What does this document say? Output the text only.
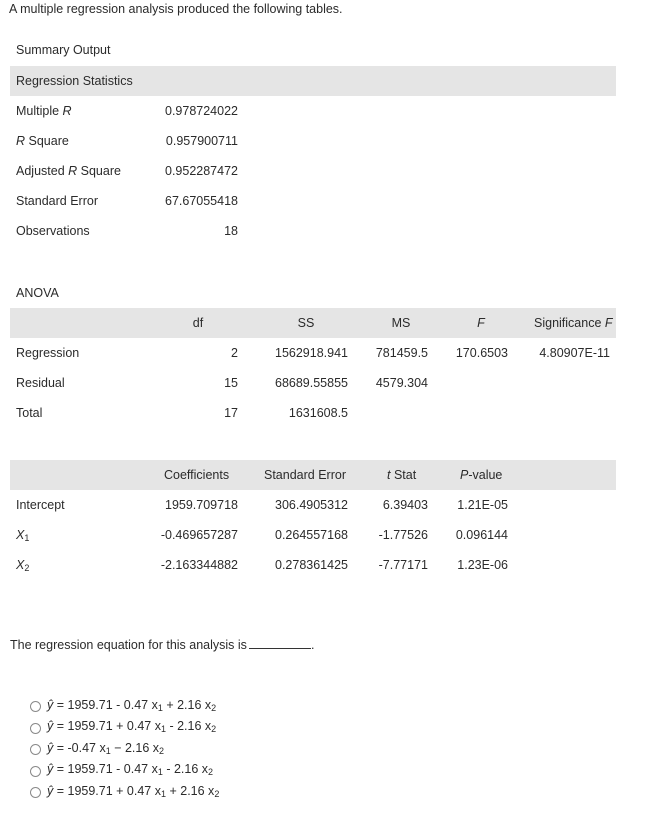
A multiple regression analysis produced the following tables.
Summary Output
Regression Statistics
Multiple R	0.978724022
R Square	0.957900711
Adjusted R Square	0.952287472
Standard Error	67.67055418
Observations	18
ANOVA
df	SS	MS	F	Significance F
Regression	2	1562918.941 781459.5 170.6503	4.80907E-11
Residual	15	68689.55855 4579.304
Total	17	1631608.5
Coefficients	Standard Error	t Stat	P-value
Intercept	1959.709718	306.4905312	6.39403 1.21E-05
$X_1$	-0.469657287	0.264557168 -1.77526 0.096144
$X_2$	-2.163344882	0.278361425 -7.77171 1.23E-06
The regression equation for this analysis is	.
ŷ = 1959.71 - 0.47 $x_1 + 2.16$ $x_2$
ŷ = 1959.71 + 0.47 $x_1 - 2.16$ $x_2$
ŷ = -0.47 $x_1 - 2.16$ $x_2$
ŷ = 1959.71 - 0.47 $x_1 - 2.16$ $x_2$
ŷ = 1959.71 + 0.47 $x_1 + 2.16$ $x_2$
